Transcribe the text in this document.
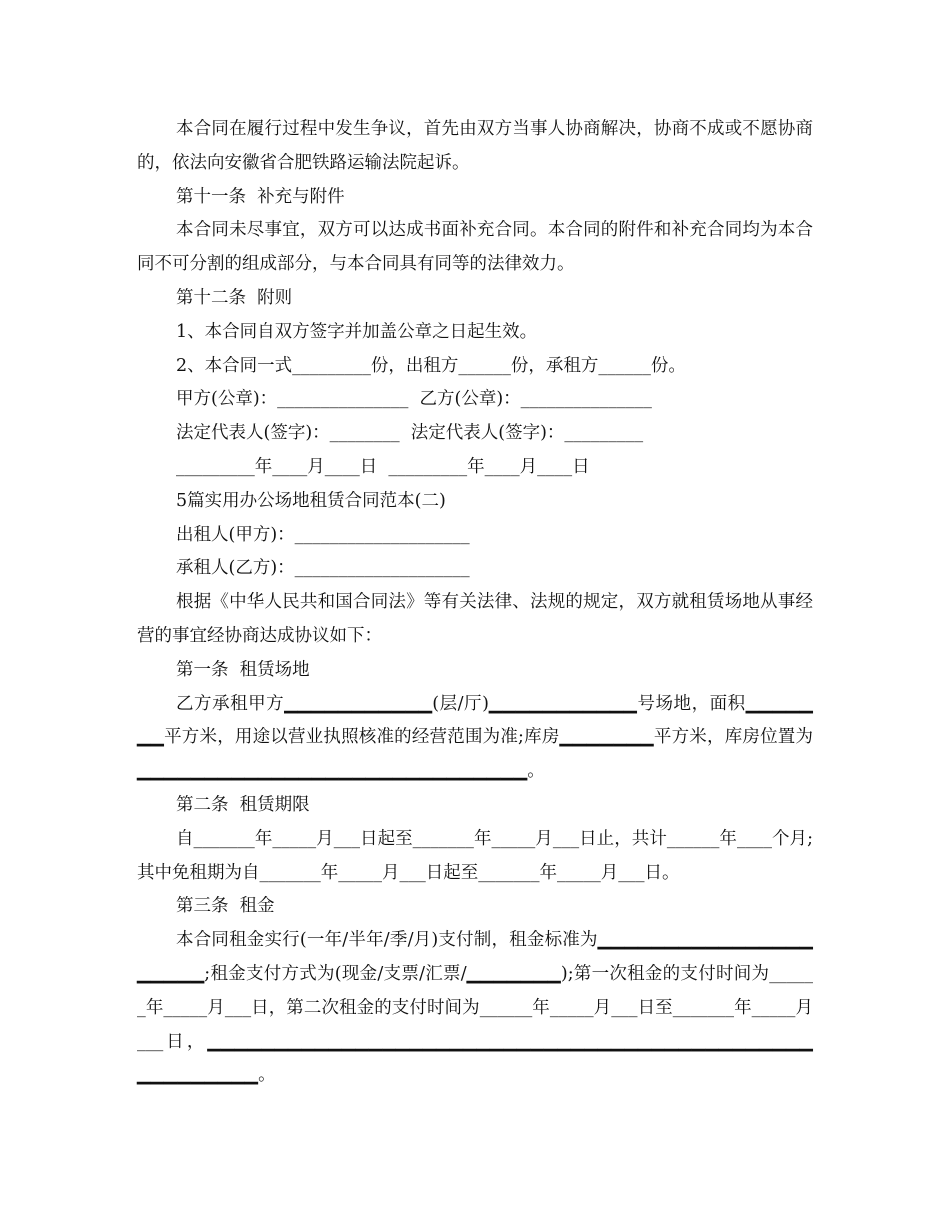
本合同在履行过程中发生争议，首先由双方当事人协商解决，协商不成或不愿协商的，依法向安徽省合肥铁路运输法院起诉。

第十一条  补充与附件

本合同未尽事宜，双方可以达成书面补充合同。本合同的附件和补充合同均为本合同不可分割的组成部分，与本合同具有同等的法律效力。

第十二条  附则

1、本合同自双方签字并加盖公章之日起生效。

2、本合同一式_________份，出租方______份，承租方______份。

甲方(公章)：_______________  乙方(公章)：_______________

法定代表人(签字)：________  法定代表人(签字)：_________

_________年____月____日  _________年____月____日

5篇实用办公场地租赁合同范本(二)

出租人(甲方)：____________________

承租人(乙方)：____________________

根据《中华人民共和国合同法》等有关法律、法规的规定，双方就租赁场地从事经营的事宜经协商达成协议如下：

第一条  租赁场地

乙方承租甲方▁▁▁▁▁▁▁▁▁▁▁(层/厅)▁▁▁▁▁▁▁▁▁▁▁号场地，面积▁▁▁▁▁▁▁平方米，用途以营业执照核准的经营范围为准;库房▁▁▁▁▁▁▁平方米，库房位置为▁▁▁▁▁▁▁▁▁▁▁▁▁▁▁▁▁▁▁▁▁▁▁▁▁▁▁▁▁。

第二条  租赁期限

自_______年_____月___日起至_______年_____月___日止，共计______年____个月;其中免租期为自_______年_____月___日起至_______年_____月___日。

第三条  租金

本合同租金实行(一年/半年/季/月)支付制，租金标准为▁▁▁▁▁▁▁▁▁▁▁▁▁▁▁▁▁▁▁▁▁;租金支付方式为(现金/支票/汇票/▁▁▁▁▁▁▁);第一次租金的支付时间为______年_____月___日，第二次租金的支付时间为______年_____月___日至_______年_____月___日，▁▁▁▁▁▁▁▁▁▁▁▁▁▁▁▁▁▁▁▁▁▁▁▁▁▁▁▁▁▁▁▁▁▁▁▁▁▁▁▁▁▁▁▁▁▁▁▁▁▁▁▁▁▁。
